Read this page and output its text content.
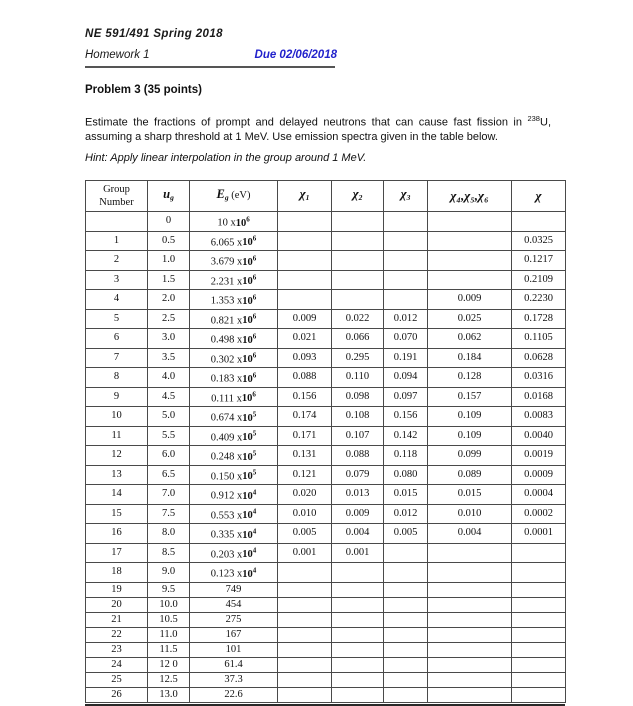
NE 591/491 Spring 2018
Homework 1	Due 02/06/2018
Problem 3 (35 points)
Estimate the fractions of prompt and delayed neutrons that can cause fast fission in $^{238}$U, assuming a sharp threshold at 1 MeV. Use emission spectra given in the table below.
Hint: Apply linear interpolation in the group around 1 MeV.
Group
Number	$u_g$	$E_g$ (eV)	$\chi_1$	$\chi_2$	$\chi_3$	χ₄,χ₅,χ₆	χ

	0	10 $x10^6$	

1	0.5	6.065 $x10^6$					0.0325
2	1.0	3.679 $x10^6$					0.1217
3	1.5	2.231 $x10^6$					0.2109
4	2.0	1.353 $x10^6$				0.009	0.2230
5	2.5	0.821 $x10^6$	0.009	0.022	0.012	0.025	0.1728
6	3.0	0.498 $x10^6$	0.021	0.066	0.070	0.062	0.1105
7	3.5	0.302 $x10^6$	0.093	0.295	0.191	0.184	0.0628
8	4.0	0.183 $x10^6$	0.088	0.110	0.094	0.128	0.0316
9	4.5	0.111 $x10^6$	0.156	0.098	0.097	0.157	0.0168
10	5.0	0.674 $x10^5$	0.174	0.108	0.156	0.109	0.0083
11	5.5	0.409 $x10^5$	0.171	0.107	0.142	0.109	0.0040
12	6.0	0.248 $x10^5$	0.131	0.088	0.118	0.099	0.0019
13	6.5	0.150 $x10^5$	0.121	0.079	0.080	0.089	0.0009
14	7.0	0.912 $x10^4$	0.020	0.013	0.015	0.015	0.0004
15	7.5	0.553 $x10^4$	0.010	0.009	0.012	0.010	0.0002
16	8.0	0.335 $x10^4$	0.005	0.004	0.005	0.004	0.0001
17	8.5	0.203 $x10^4$	0.001	0.001	

18	9.0	0.123 $x10^4$	

19	9.5	749	

20	10.0	454	

21	10.5	275	

22	11.0	167	

23	11.5	101	

24	12 0	61.4	

25	12.5	37.3	

26	13.0	22.6	
